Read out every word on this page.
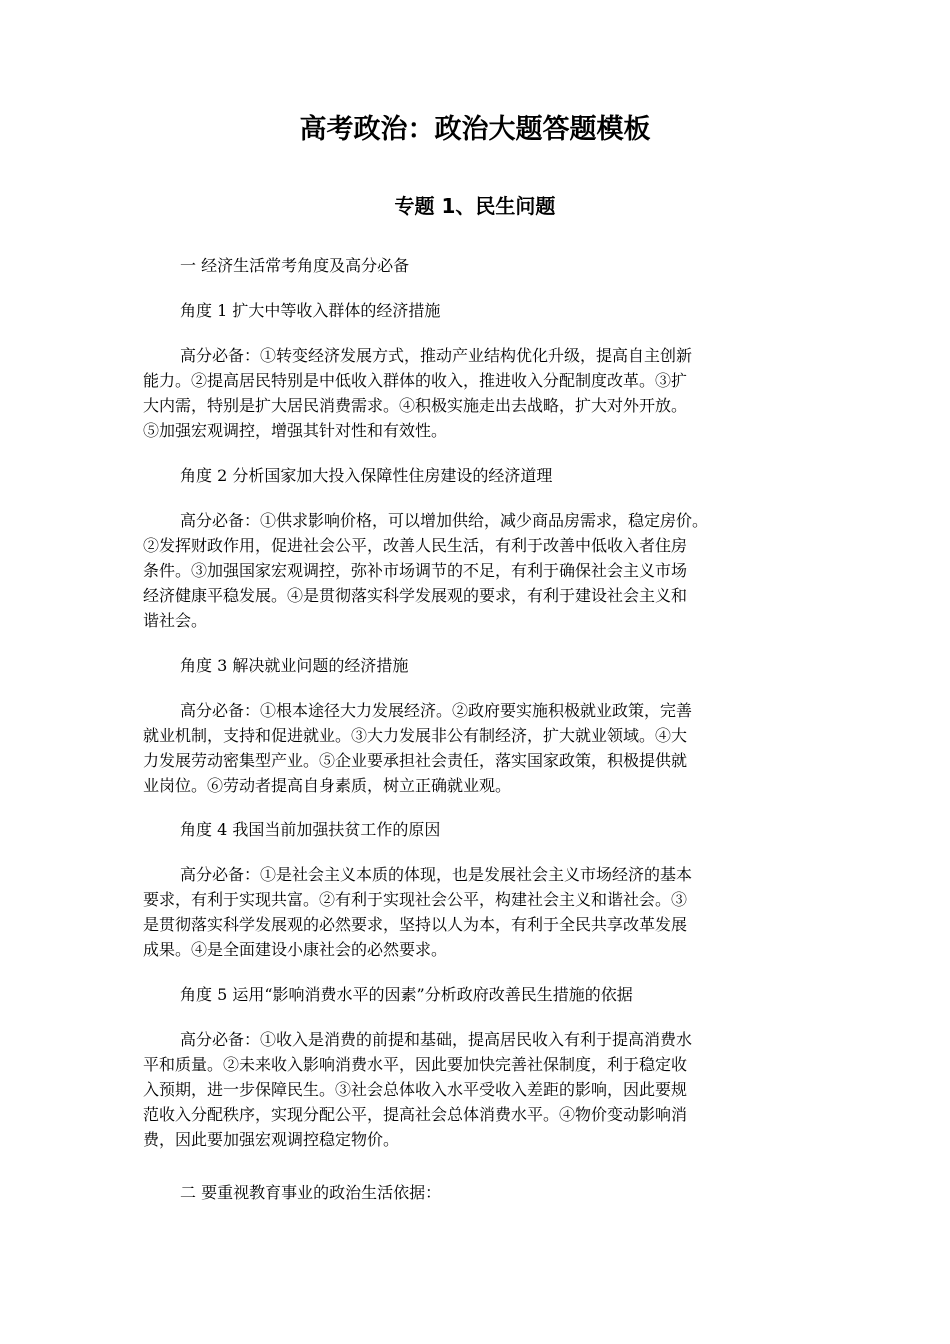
高考政治：政治大题答题模板
专题 1、民生问题

一 经济生活常考角度及高分必备

角度 1 扩大中等收入群体的经济措施

高分必备：①转变经济发展方式，推动产业结构优化升级，提高自主创新
能力。②提高居民特别是中低收入群体的收入，推进收入分配制度改革。③扩
大内需，特别是扩大居民消费需求。④积极实施走出去战略，扩大对外开放。
⑤加强宏观调控，增强其针对性和有效性。

角度 2 分析国家加大投入保障性住房建设的经济道理

高分必备：①供求影响价格，可以增加供给，减少商品房需求，稳定房价。
②发挥财政作用，促进社会公平，改善人民生活，有利于改善中低收入者住房
条件。③加强国家宏观调控，弥补市场调节的不足，有利于确保社会主义市场
经济健康平稳发展。④是贯彻落实科学发展观的要求，有利于建设社会主义和
谐社会。

角度 3 解决就业问题的经济措施

高分必备：①根本途径大力发展经济。②政府要实施积极就业政策，完善
就业机制，支持和促进就业。③大力发展非公有制经济，扩大就业领域。④大
力发展劳动密集型产业。⑤企业要承担社会责任，落实国家政策，积极提供就
业岗位。⑥劳动者提高自身素质，树立正确就业观。

角度 4 我国当前加强扶贫工作的原因

高分必备：①是社会主义本质的体现，也是发展社会主义市场经济的基本
要求，有利于实现共富。②有利于实现社会公平，构建社会主义和谐社会。③
是贯彻落实科学发展观的必然要求，坚持以人为本，有利于全民共享改革发展
成果。④是全面建设小康社会的必然要求。

角度 5 运用“影响消费水平的因素”分析政府改善民生措施的依据

高分必备：①收入是消费的前提和基础，提高居民收入有利于提高消费水
平和质量。②未来收入影响消费水平，因此要加快完善社保制度，利于稳定收
入预期，进一步保障民生。③社会总体收入水平受收入差距的影响，因此要规
范收入分配秩序，实现分配公平，提高社会总体消费水平。④物价变动影响消
费，因此要加强宏观调控稳定物价。

二 要重视教育事业的政治生活依据：
